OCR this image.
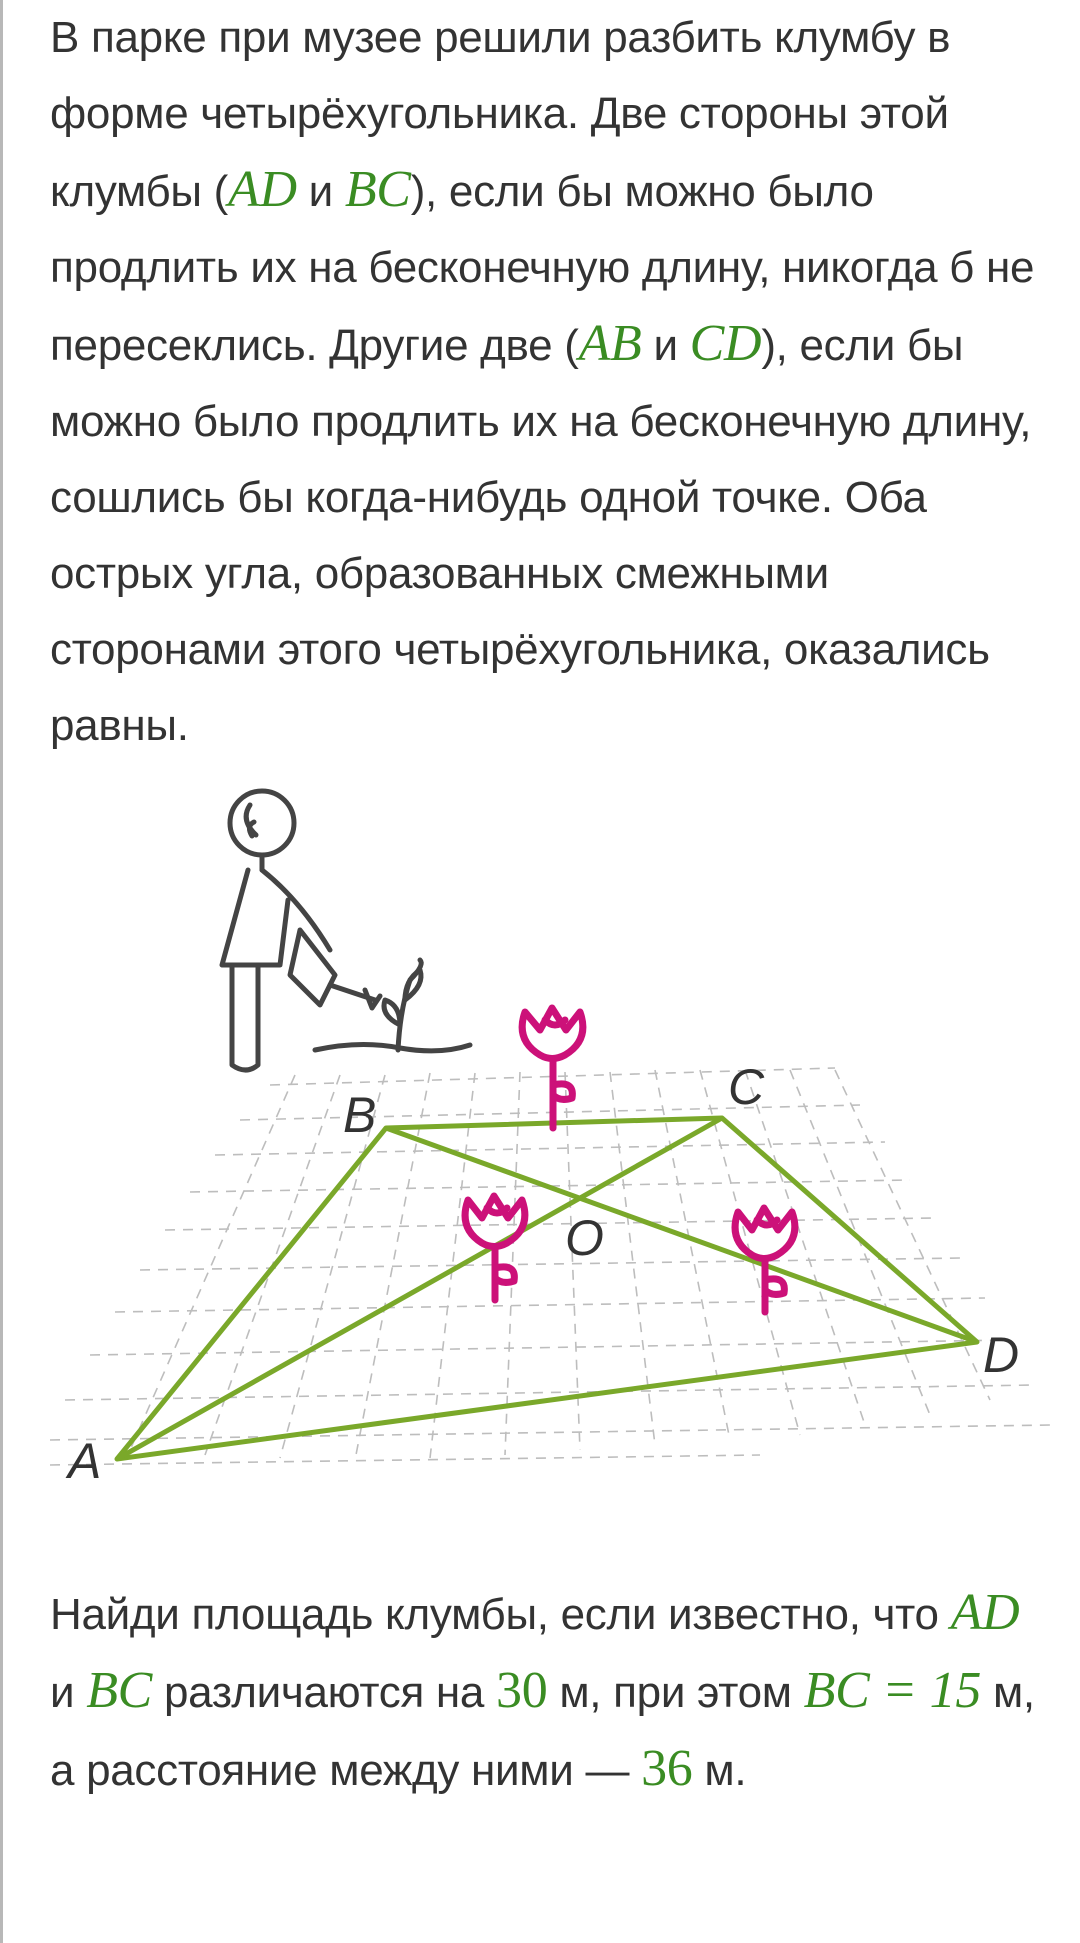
В парке при музее решили разбить клумбу в форме четырёхугольника. Две стороны этой клумбы (AD и BC), если бы можно было продлить их на бесконечную длину, никогда б не пересеклись. Другие две (AB и CD), если бы можно было продлить их на бесконечную длину, сошлись бы когда-нибудь одной точке. Оба острых угла, образованных смежными сторонами этого четырёхугольника, оказались равны.
A
B	C
D
O
Найди площадь клумбы, если известно, что AD и BC различаются на 30 м, при этом BC = 15 м, а расстояние между ними — 36 м.
